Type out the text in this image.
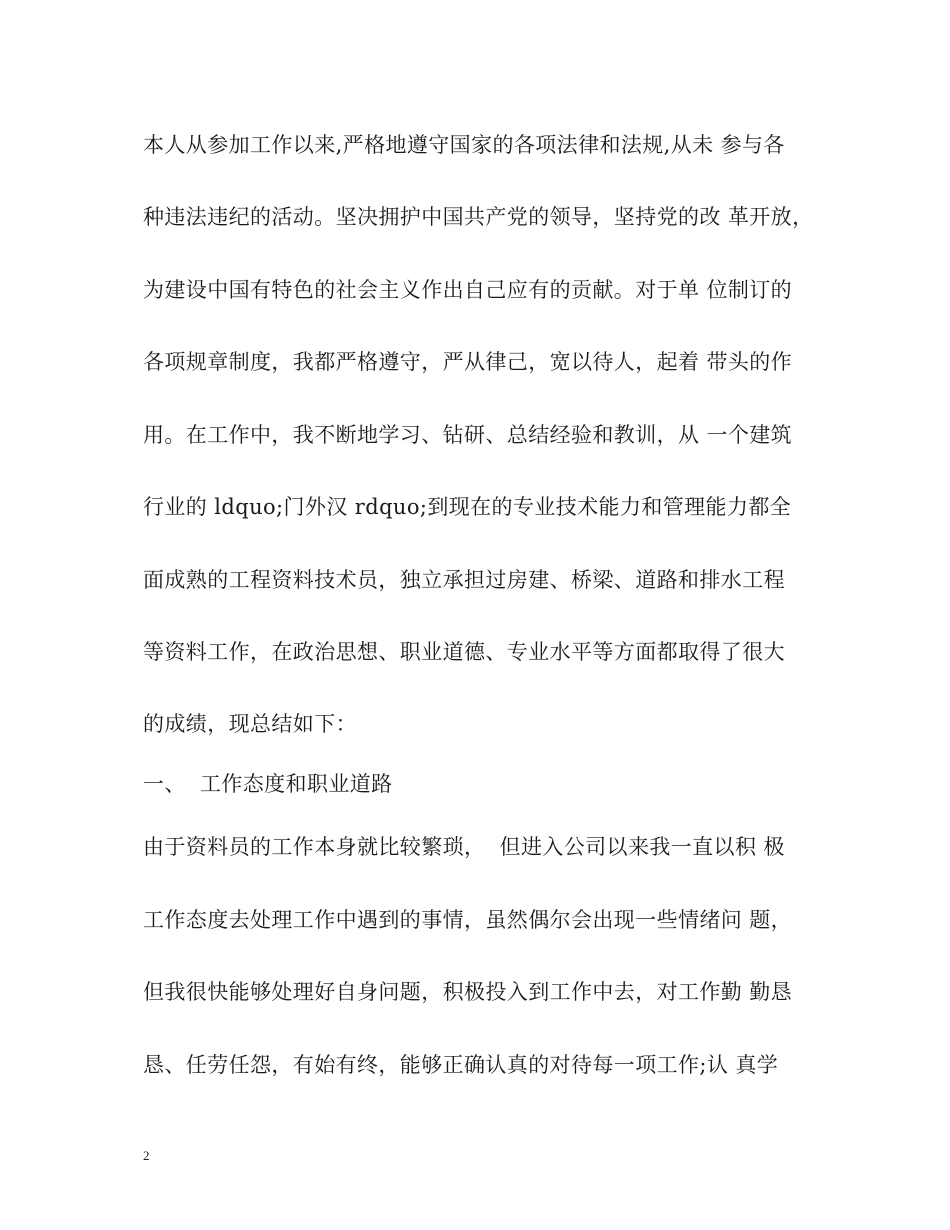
本人从参加工作以来,严格地遵守国家的各项法律和法规,从未 参与各
种违法违纪的活动。坚决拥护中国共产党的领导，坚持党的改 革开放，
为建设中国有特色的社会主义作出自己应有的贡献。对于单 位制订的
各项规章制度，我都严格遵守，严从律己，宽以待人，起着 带头的作
用。在工作中，我不断地学习、钻研、总结经验和教训，从 一个建筑
行业的 ldquo;门外汉 rdquo;到现在的专业技术能力和管理能力都全
面成熟的工程资料技术员，独立承担过房建、桥梁、道路和排水工程
等资料工作，在政治思想、职业道德、专业水平等方面都取得了很大
的成绩，现总结如下：
一、  工作态度和职业道路
由于资料员的工作本身就比较繁琐，  但进入公司以来我一直以积 极
工作态度去处理工作中遇到的事情，虽然偶尔会出现一些情绪问 题，
但我很快能够处理好自身问题，积极投入到工作中去，对工作勤 勤恳
恳、任劳任怨，有始有终，能够正确认真的对待每一项工作;认 真学
2
